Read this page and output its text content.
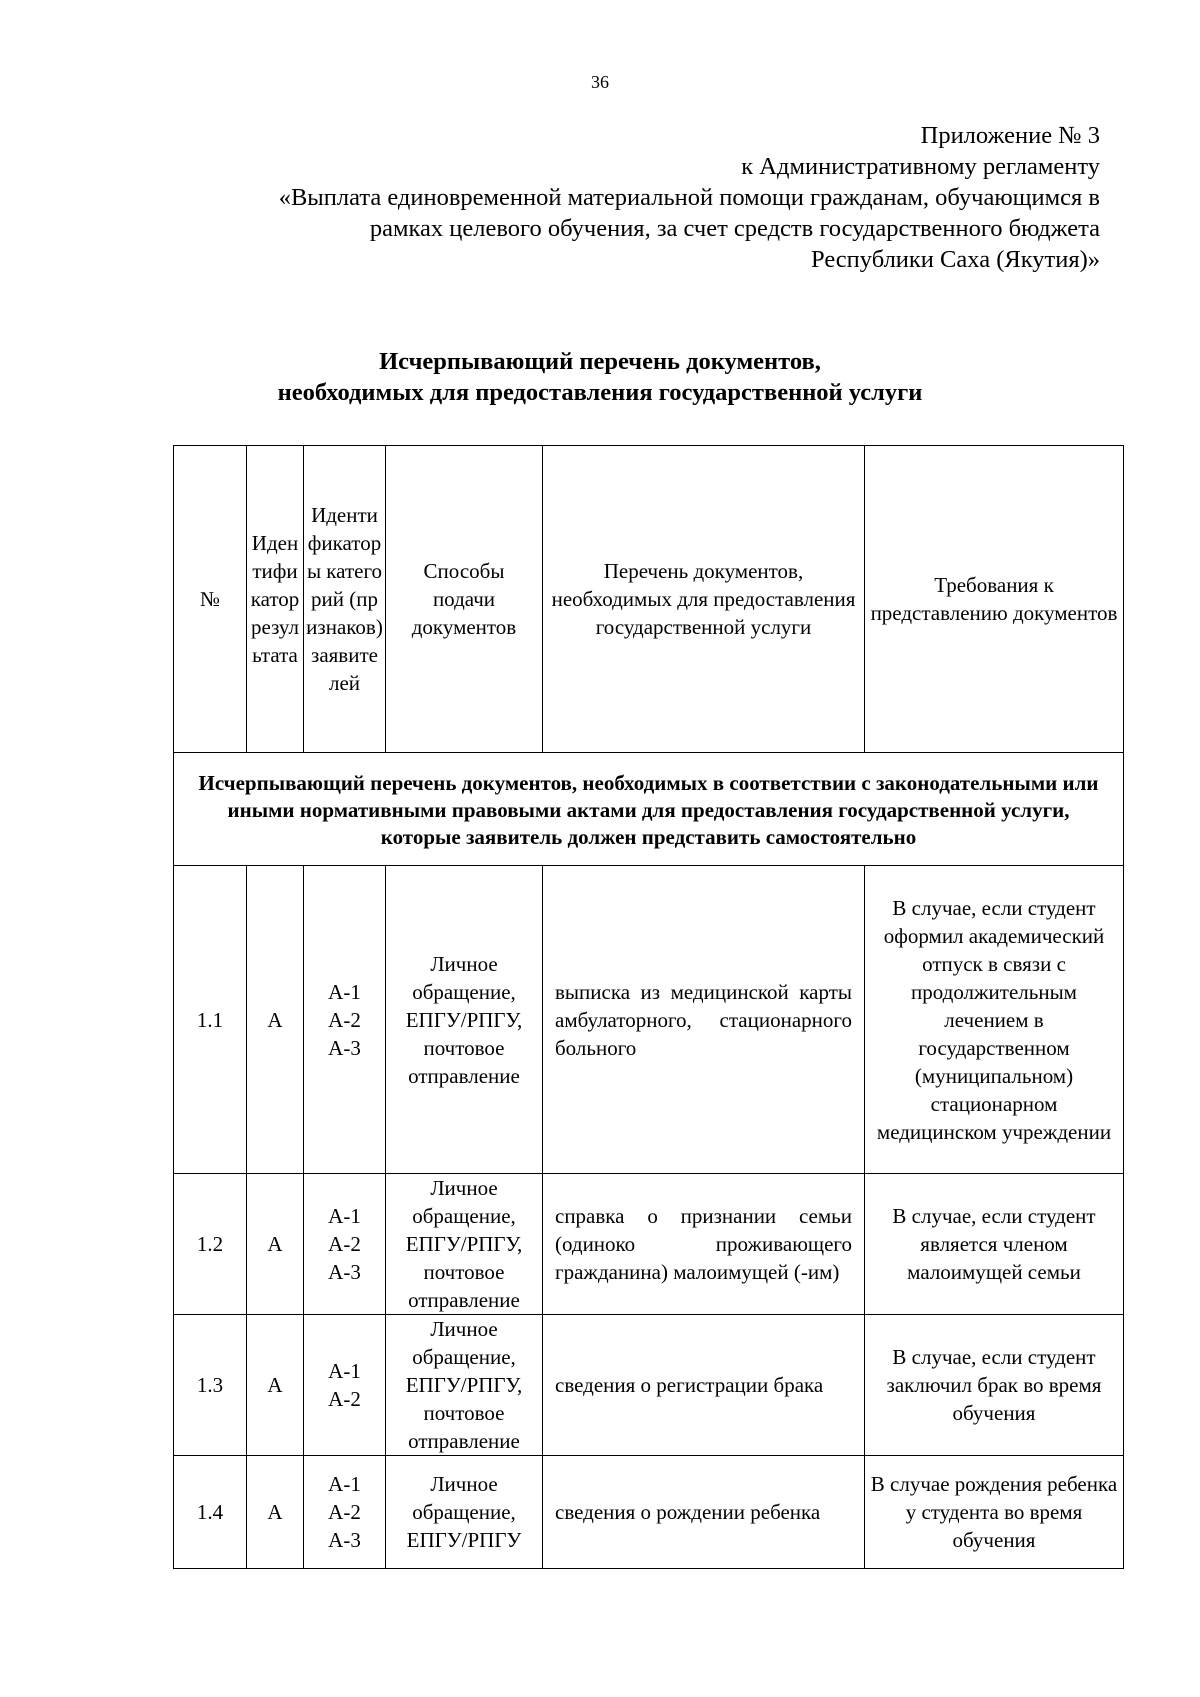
36
Приложение № 3
к Административному регламенту
«Выплата единовременной материальной помощи гражданам, обучающимся в
рамках целевого обучения, за счет средств государственного бюджета
Республики Саха (Якутия)»
Исчерпывающий перечень документов,
необходимых для предоставления государственной услуги
№	Идентификатор результата	Идентификаторы категорий (признаков) заявителей	Способы подачи документов	Перечень документов, необходимых для предоставления государственной услуги	Требования к представлению документов
Исчерпывающий перечень документов, необходимых в соответствии с законодательными или иными нормативными правовыми актами для предоставления государственной услуги, которые заявитель должен представить самостоятельно					
1.1	А	А-1
А-2
А-3	Личное обращение, ЕПГУ/РПГУ, почтовое отправление	выписка из медицинской карты амбулаторного, стационарного больного	В случае, если студент оформил академический отпуск в связи с продолжительным лечением в государственном (муниципальном) стационарном медицинском учреждении
1.2	А	А-1
А-2
А-3	Личное обращение, ЕПГУ/РПГУ, почтовое отправление	справка о признании семьи (одиноко проживающего гражданина) малоимущей (-им)	В случае, если студент является членом малоимущей семьи
1.3	А	А-1
А-2	Личное обращение, ЕПГУ/РПГУ, почтовое отправление	сведения о регистрации брака	В случае, если студент заключил брак во время обучения
1.4	А	А-1
А-2
А-3	Личное обращение, ЕПГУ/РПГУ	сведения о рождении ребенка	В случае рождения ребенка у студента во время обучения
